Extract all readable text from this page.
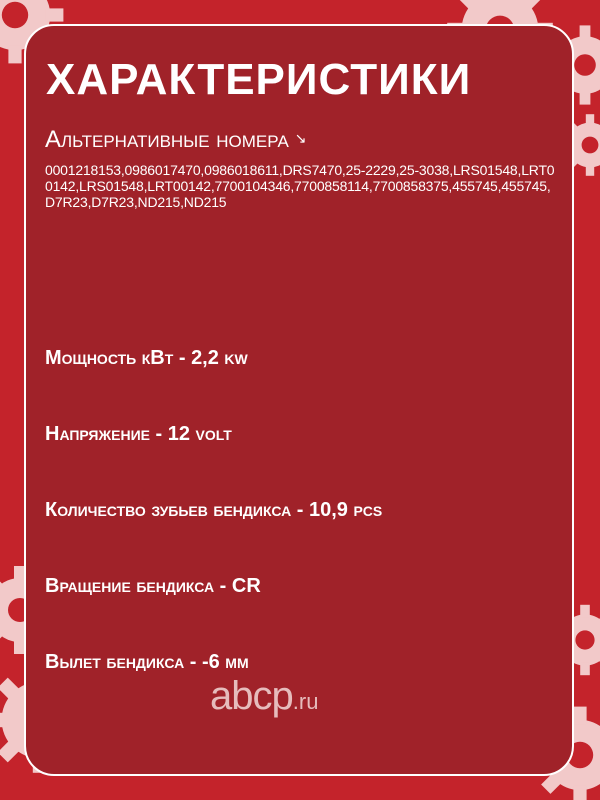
ХАРАКТЕРИСТИКИ
Альтернативные номера ↘
0001218153,0986017470,0986018611,DRS7470,25-2229,25-3038,LRS01548,LRT00142,LRS01548,LRT00142,7700104346,7700858114,7700858375,455745,455745,D7R23,D7R23,ND215,ND215
Мощность кВт - 2,2 kw
Напряжение - 12 volt
Количество зубьев бендикса - 10,9 pcs
Вращение бендикса - CR
Вылет бендикса - -6 мм
abcp.ru
